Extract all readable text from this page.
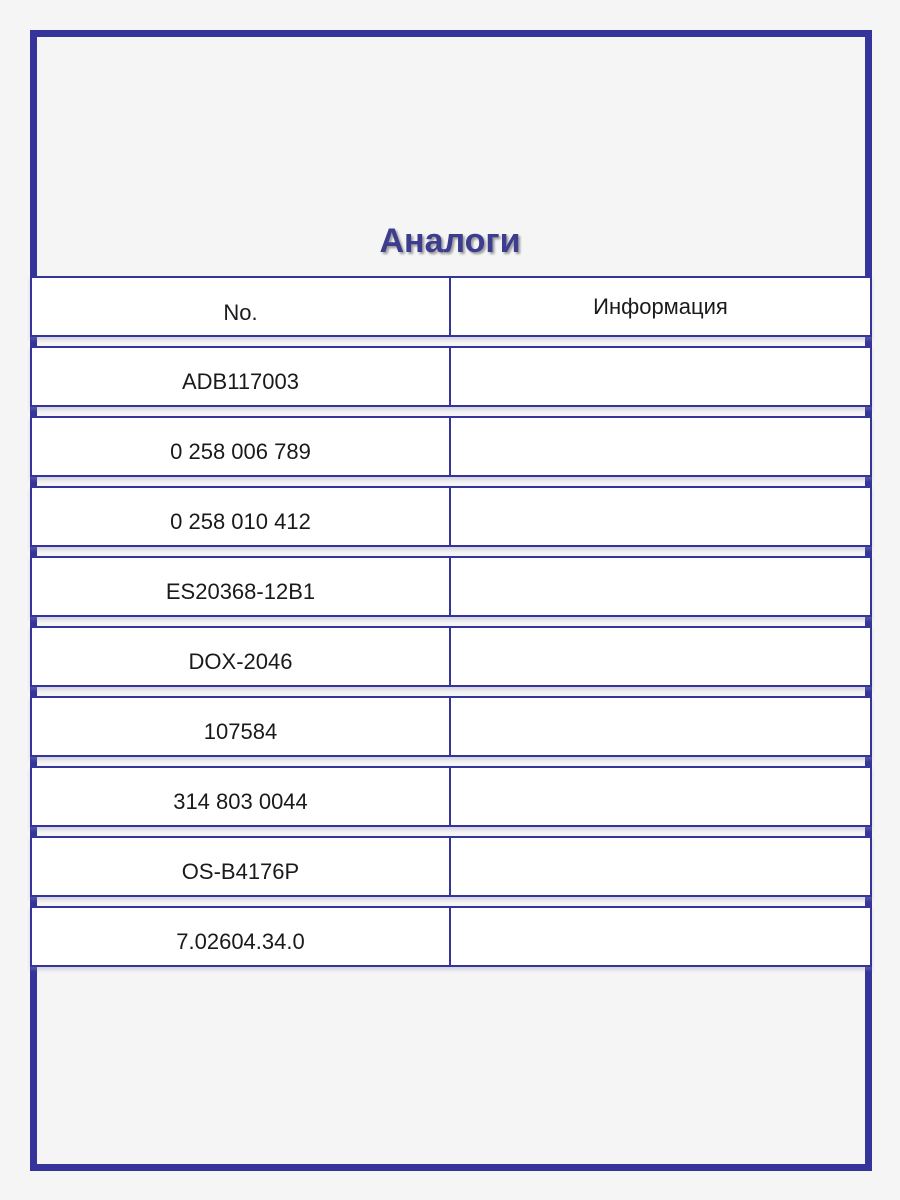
Аналоги
No.	Информация
ADB117003
0 258 006 789
0 258 010 412
ES20368-12B1
DOX-2046
107584
314 803 0044
OS-B4176P
7.02604.34.0
